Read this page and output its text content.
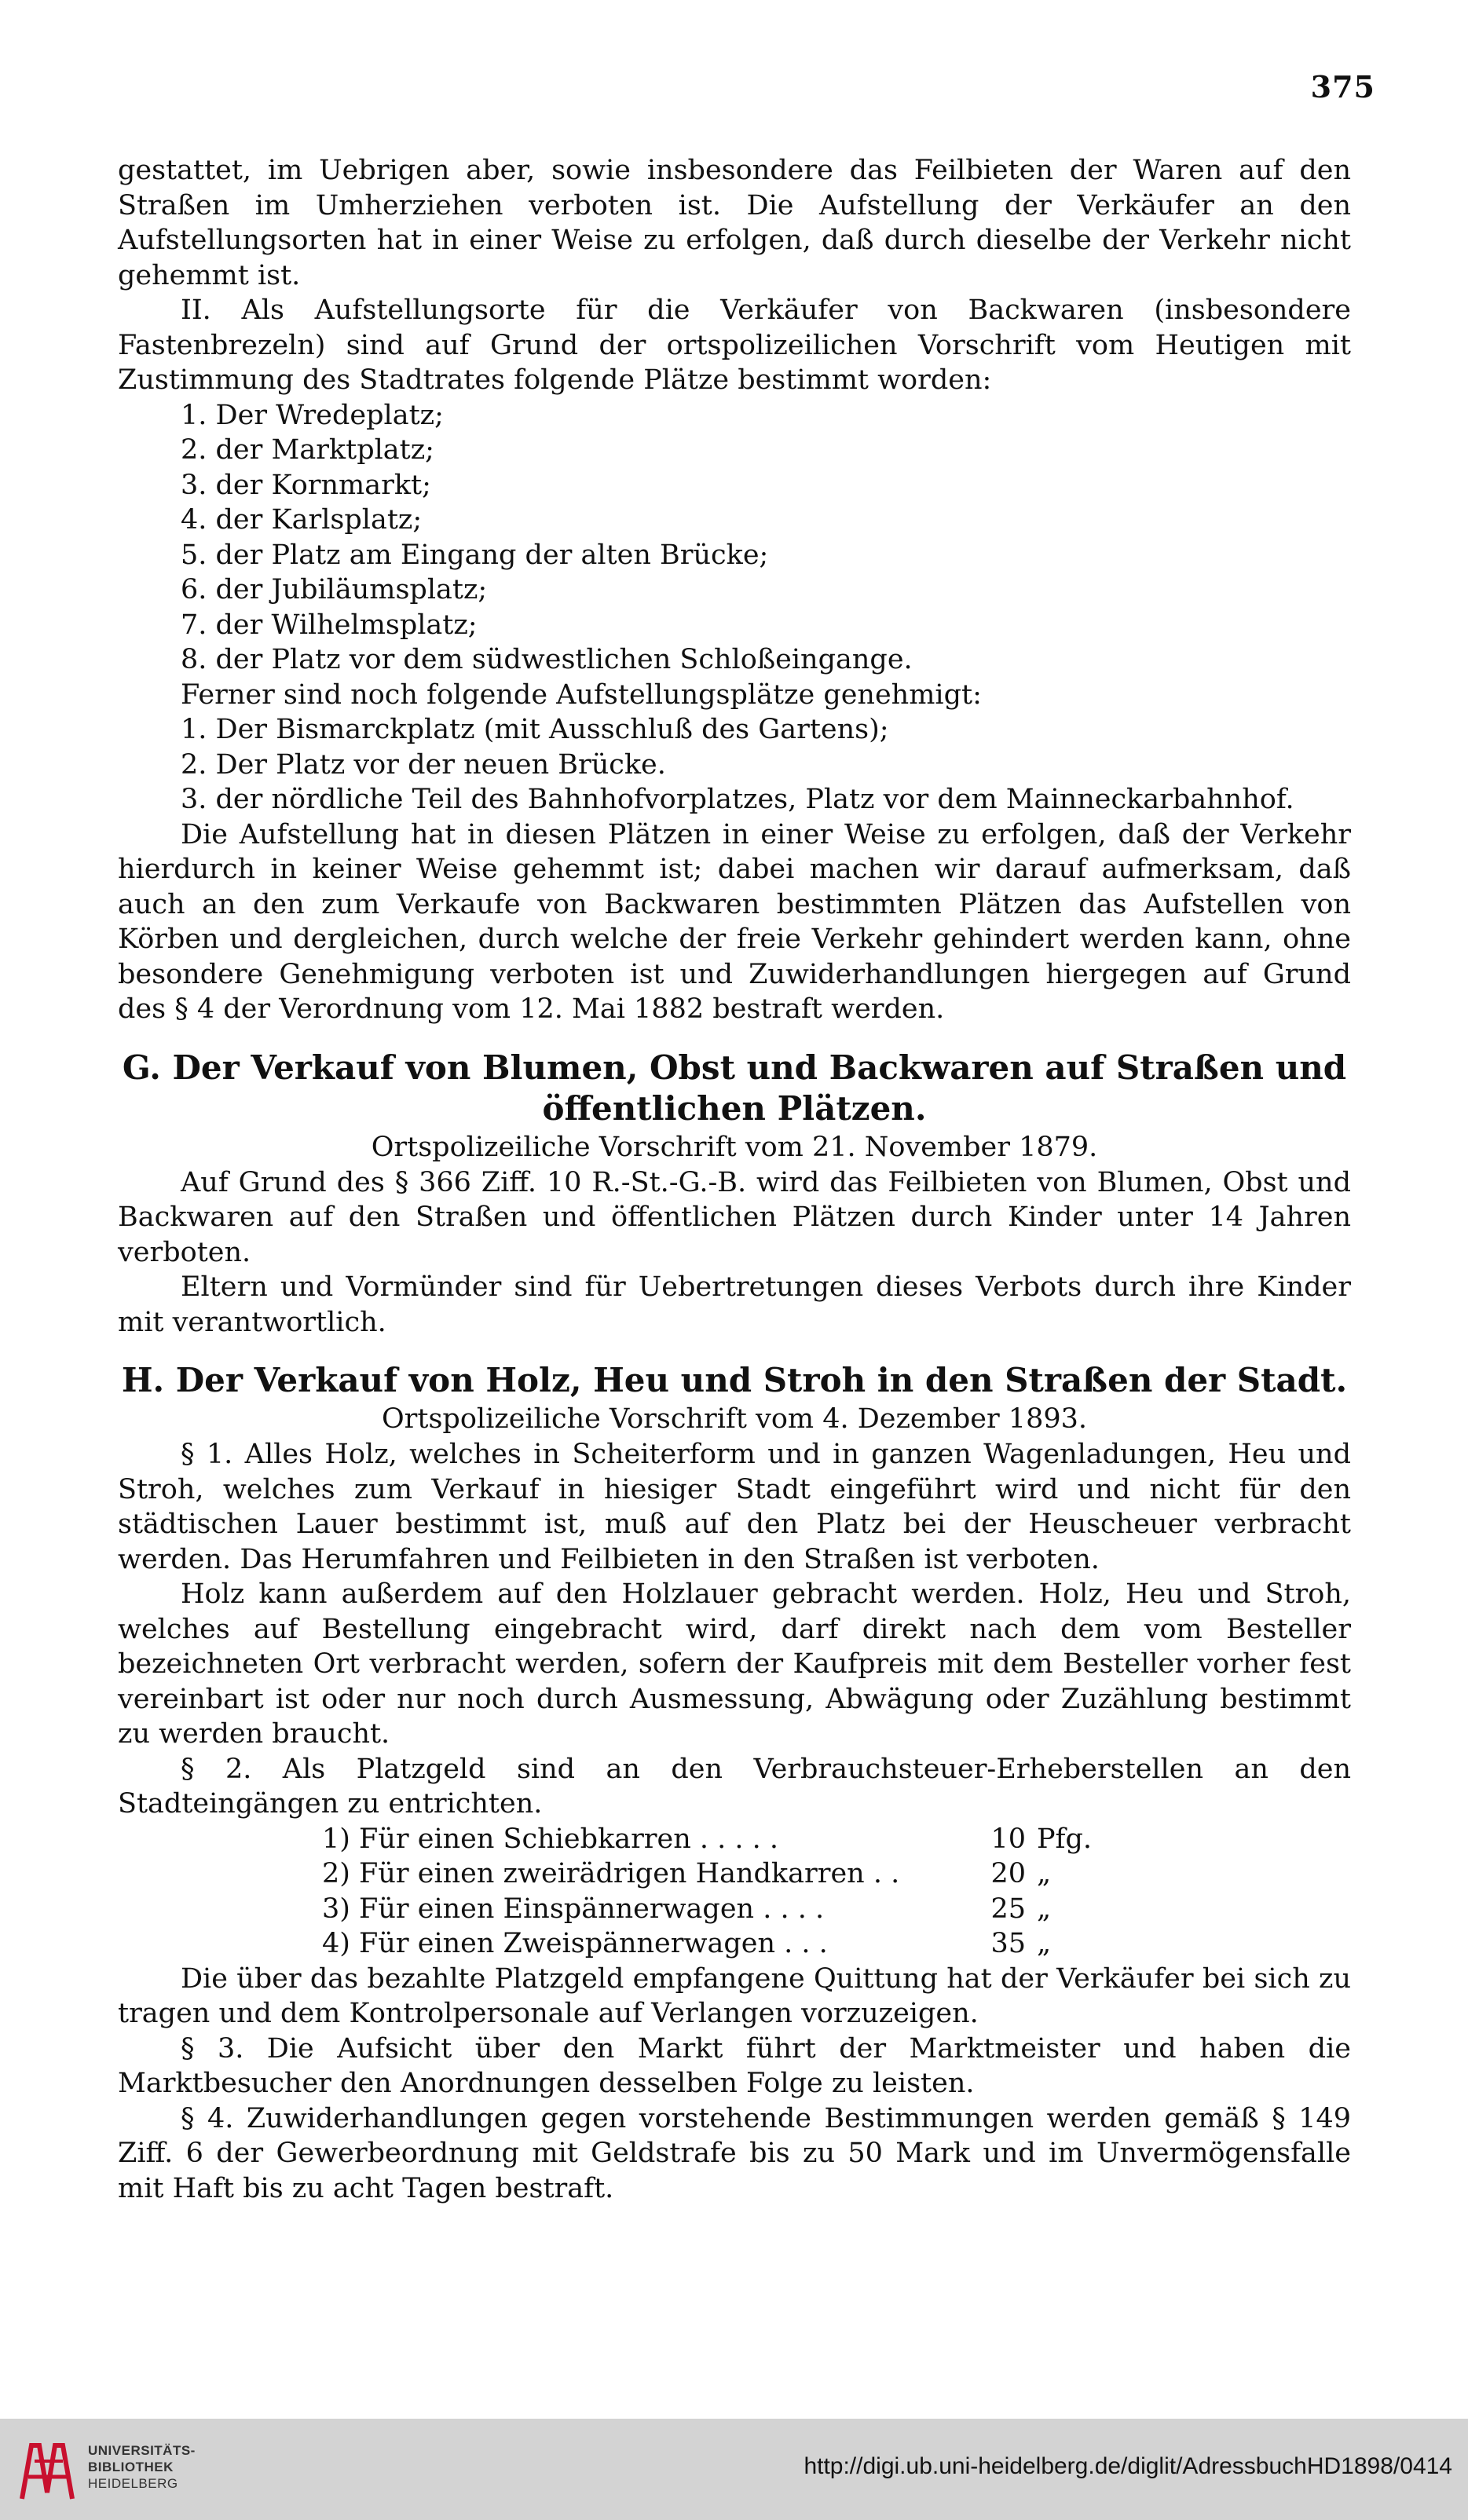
375

gestattet, im Uebrigen aber, sowie insbesondere das Feilbieten der Waren auf den Straßen im Umherziehen verboten ist. Die Aufstellung der Verkäufer an den Aufstellungsorten hat in einer Weise zu erfolgen, daß durch dieselbe der Verkehr nicht gehemmt ist.

II. Als Aufstellungsorte für die Verkäufer von Backwaren (insbesondere Fastenbrezeln) sind auf Grund der ortspolizeilichen Vorschrift vom Heutigen mit Zustimmung des Stadtrates folgende Plätze bestimmt worden:

1. Der Wredeplatz;
2. der Marktplatz;
3. der Kornmarkt;
4. der Karlsplatz;
5. der Platz am Eingang der alten Brücke;
6. der Jubiläumsplatz;
7. der Wilhelmsplatz;
8. der Platz vor dem südwestlichen Schloßeingange.

Ferner sind noch folgende Aufstellungsplätze genehmigt:

1. Der Bismarckplatz (mit Ausschluß des Gartens);
2. Der Platz vor der neuen Brücke.
3. der nördliche Teil des Bahnhofvorplatzes, Platz vor dem Mainneckarbahnhof.

Die Aufstellung hat in diesen Plätzen in einer Weise zu erfolgen, daß der Verkehr hierdurch in keiner Weise gehemmt ist; dabei machen wir darauf aufmerksam, daß auch an den zum Verkaufe von Backwaren bestimmten Plätzen das Aufstellen von Körben und dergleichen, durch welche der freie Verkehr gehindert werden kann, ohne besondere Genehmigung verboten ist und Zuwiderhandlungen hiergegen auf Grund des § 4 der Verordnung vom 12. Mai 1882 bestraft werden.

G. Der Verkauf von Blumen, Obst und Backwaren auf Straßen und öffentlichen Plätzen.
Ortspolizeiliche Vorschrift vom 21. November 1879.

Auf Grund des § 366 Ziff. 10 R.-St.-G.-B. wird das Feilbieten von Blumen, Obst und Backwaren auf den Straßen und öffentlichen Plätzen durch Kinder unter 14 Jahren verboten.

Eltern und Vormünder sind für Uebertretungen dieses Verbots durch ihre Kinder mit verantwortlich.

H. Der Verkauf von Holz, Heu und Stroh in den Straßen der Stadt.
Ortspolizeiliche Vorschrift vom 4. Dezember 1893.

§ 1. Alles Holz, welches in Scheiterform und in ganzen Wagenladungen, Heu und Stroh, welches zum Verkauf in hiesiger Stadt eingeführt wird und nicht für den städtischen Lauer bestimmt ist, muß auf den Platz bei der Heuscheuer verbracht werden. Das Herumfahren und Feilbieten in den Straßen ist verboten.

Holz kann außerdem auf den Holzlauer gebracht werden. Holz, Heu und Stroh, welches auf Bestellung eingebracht wird, darf direkt nach dem vom Besteller bezeichneten Ort verbracht werden, sofern der Kaufpreis mit dem Besteller vorher fest vereinbart ist oder nur noch durch Ausmessung, Abwägung oder Zuzählung bestimmt zu werden braucht.

§ 2. Als Platzgeld sind an den Verbrauchsteuer-Erheberstellen an den Stadteingängen zu entrichten.

1) Für einen Schiebkarren . . . . .	10 Pfg.
2) Für einen zweirädrigen Handkarren . .	20 „
3) Für einen Einspännerwagen . . . .	25 „
4) Für einen Zweispännerwagen . . .	35 „

Die über das bezahlte Platzgeld empfangene Quittung hat der Verkäufer bei sich zu tragen und dem Kontrolpersonale auf Verlangen vorzuzeigen.

§ 3. Die Aufsicht über den Markt führt der Marktmeister und haben die Marktbesucher den Anordnungen desselben Folge zu leisten.

§ 4. Zuwiderhandlungen gegen vorstehende Bestimmungen werden gemäß § 149 Ziff. 6 der Gewerbeordnung mit Geldstrafe bis zu 50 Mark und im Unvermögensfalle mit Haft bis zu acht Tagen bestraft.

UNIVERSITÄTS-
BIBLIOTHEK
HEIDELBERG
http://digi.ub.uni-heidelberg.de/diglit/AdressbuchHD1898/0414
